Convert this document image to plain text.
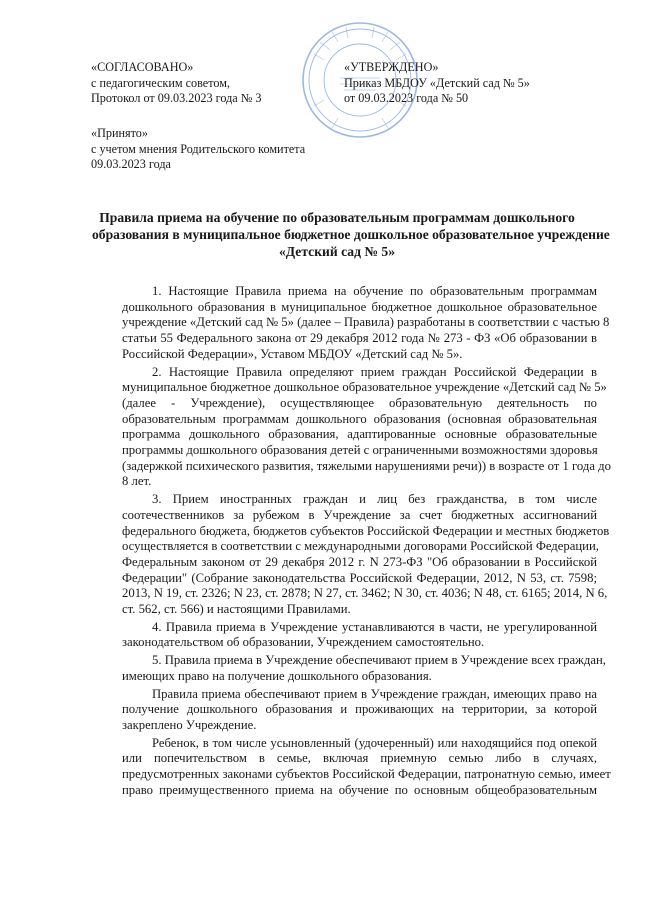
«СОГЛАСОВАНО»
с педагогическим советом,
Протокол от 09.03.2023 года № 3
«УТВЕРЖДЕНО»
Приказ МБДОУ «Детский сад № 5»
от 09.03.2023 года № 50
«Принято»
с учетом мнения Родительского комитета
09.03.2023 года
Правила приема на обучение по образовательным программам дошкольного
образования в муниципальное бюджетное дошкольное образовательное учреждение
«Детский сад № 5»
1. Настоящие Правила приема на обучение по образовательным программам
дошкольного образования в муниципальное бюджетное дошкольное образовательное
учреждение «Детский сад № 5» (далее – Правила) разработаны в соответствии с частью 8
статьи 55 Федерального закона от 29 декабря 2012 года № 273 - ФЗ «Об образовании в
Российской Федерации», Уставом МБДОУ «Детский сад № 5».
2. Настоящие Правила определяют прием граждан Российской Федерации в
муниципальное бюджетное дошкольное образовательное учреждение «Детский сад № 5»
(далее - Учреждение), осуществляющее образовательную деятельность по
образовательным программам дошкольного образования (основная образовательная
программа дошкольного образования, адаптированные основные образовательные
программы дошкольного образования детей с ограниченными возможностями здоровья
(задержкой психического развития, тяжелыми нарушениями речи)) в возрасте от 1 года до
8 лет.
3. Прием иностранных граждан и лиц без гражданства, в том числе
соотечественников за рубежом в Учреждение за счет бюджетных ассигнований
федерального бюджета, бюджетов субъектов Российской Федерации и местных бюджетов
осуществляется в соответствии с международными договорами Российской Федерации,
Федеральным законом от 29 декабря 2012 г. N 273-ФЗ "Об образовании в Российской
Федерации" (Собрание законодательства Российской Федерации, 2012, N 53, ст. 7598;
2013, N 19, ст. 2326; N 23, ст. 2878; N 27, ст. 3462; N 30, ст. 4036; N 48, ст. 6165; 2014, N 6,
ст. 562, ст. 566) и настоящими Правилами.
4. Правила приема в Учреждение устанавливаются в части, не урегулированной
законодательством об образовании, Учреждением самостоятельно.
5. Правила приема в Учреждение обеспечивают прием в Учреждение всех граждан,
имеющих право на получение дошкольного образования.
Правила приема обеспечивают прием в Учреждение граждан, имеющих право на
получение дошкольного образования и проживающих на территории, за которой
закреплено Учреждение.
Ребенок, в том числе усыновленный (удочеренный) или находящийся под опекой
или попечительством в семье, включая приемную семью либо в случаях,
предусмотренных законами субъектов Российской Федерации, патронатную семью, имеет
право преимущественного приема на обучение по основным общеобразовательным
